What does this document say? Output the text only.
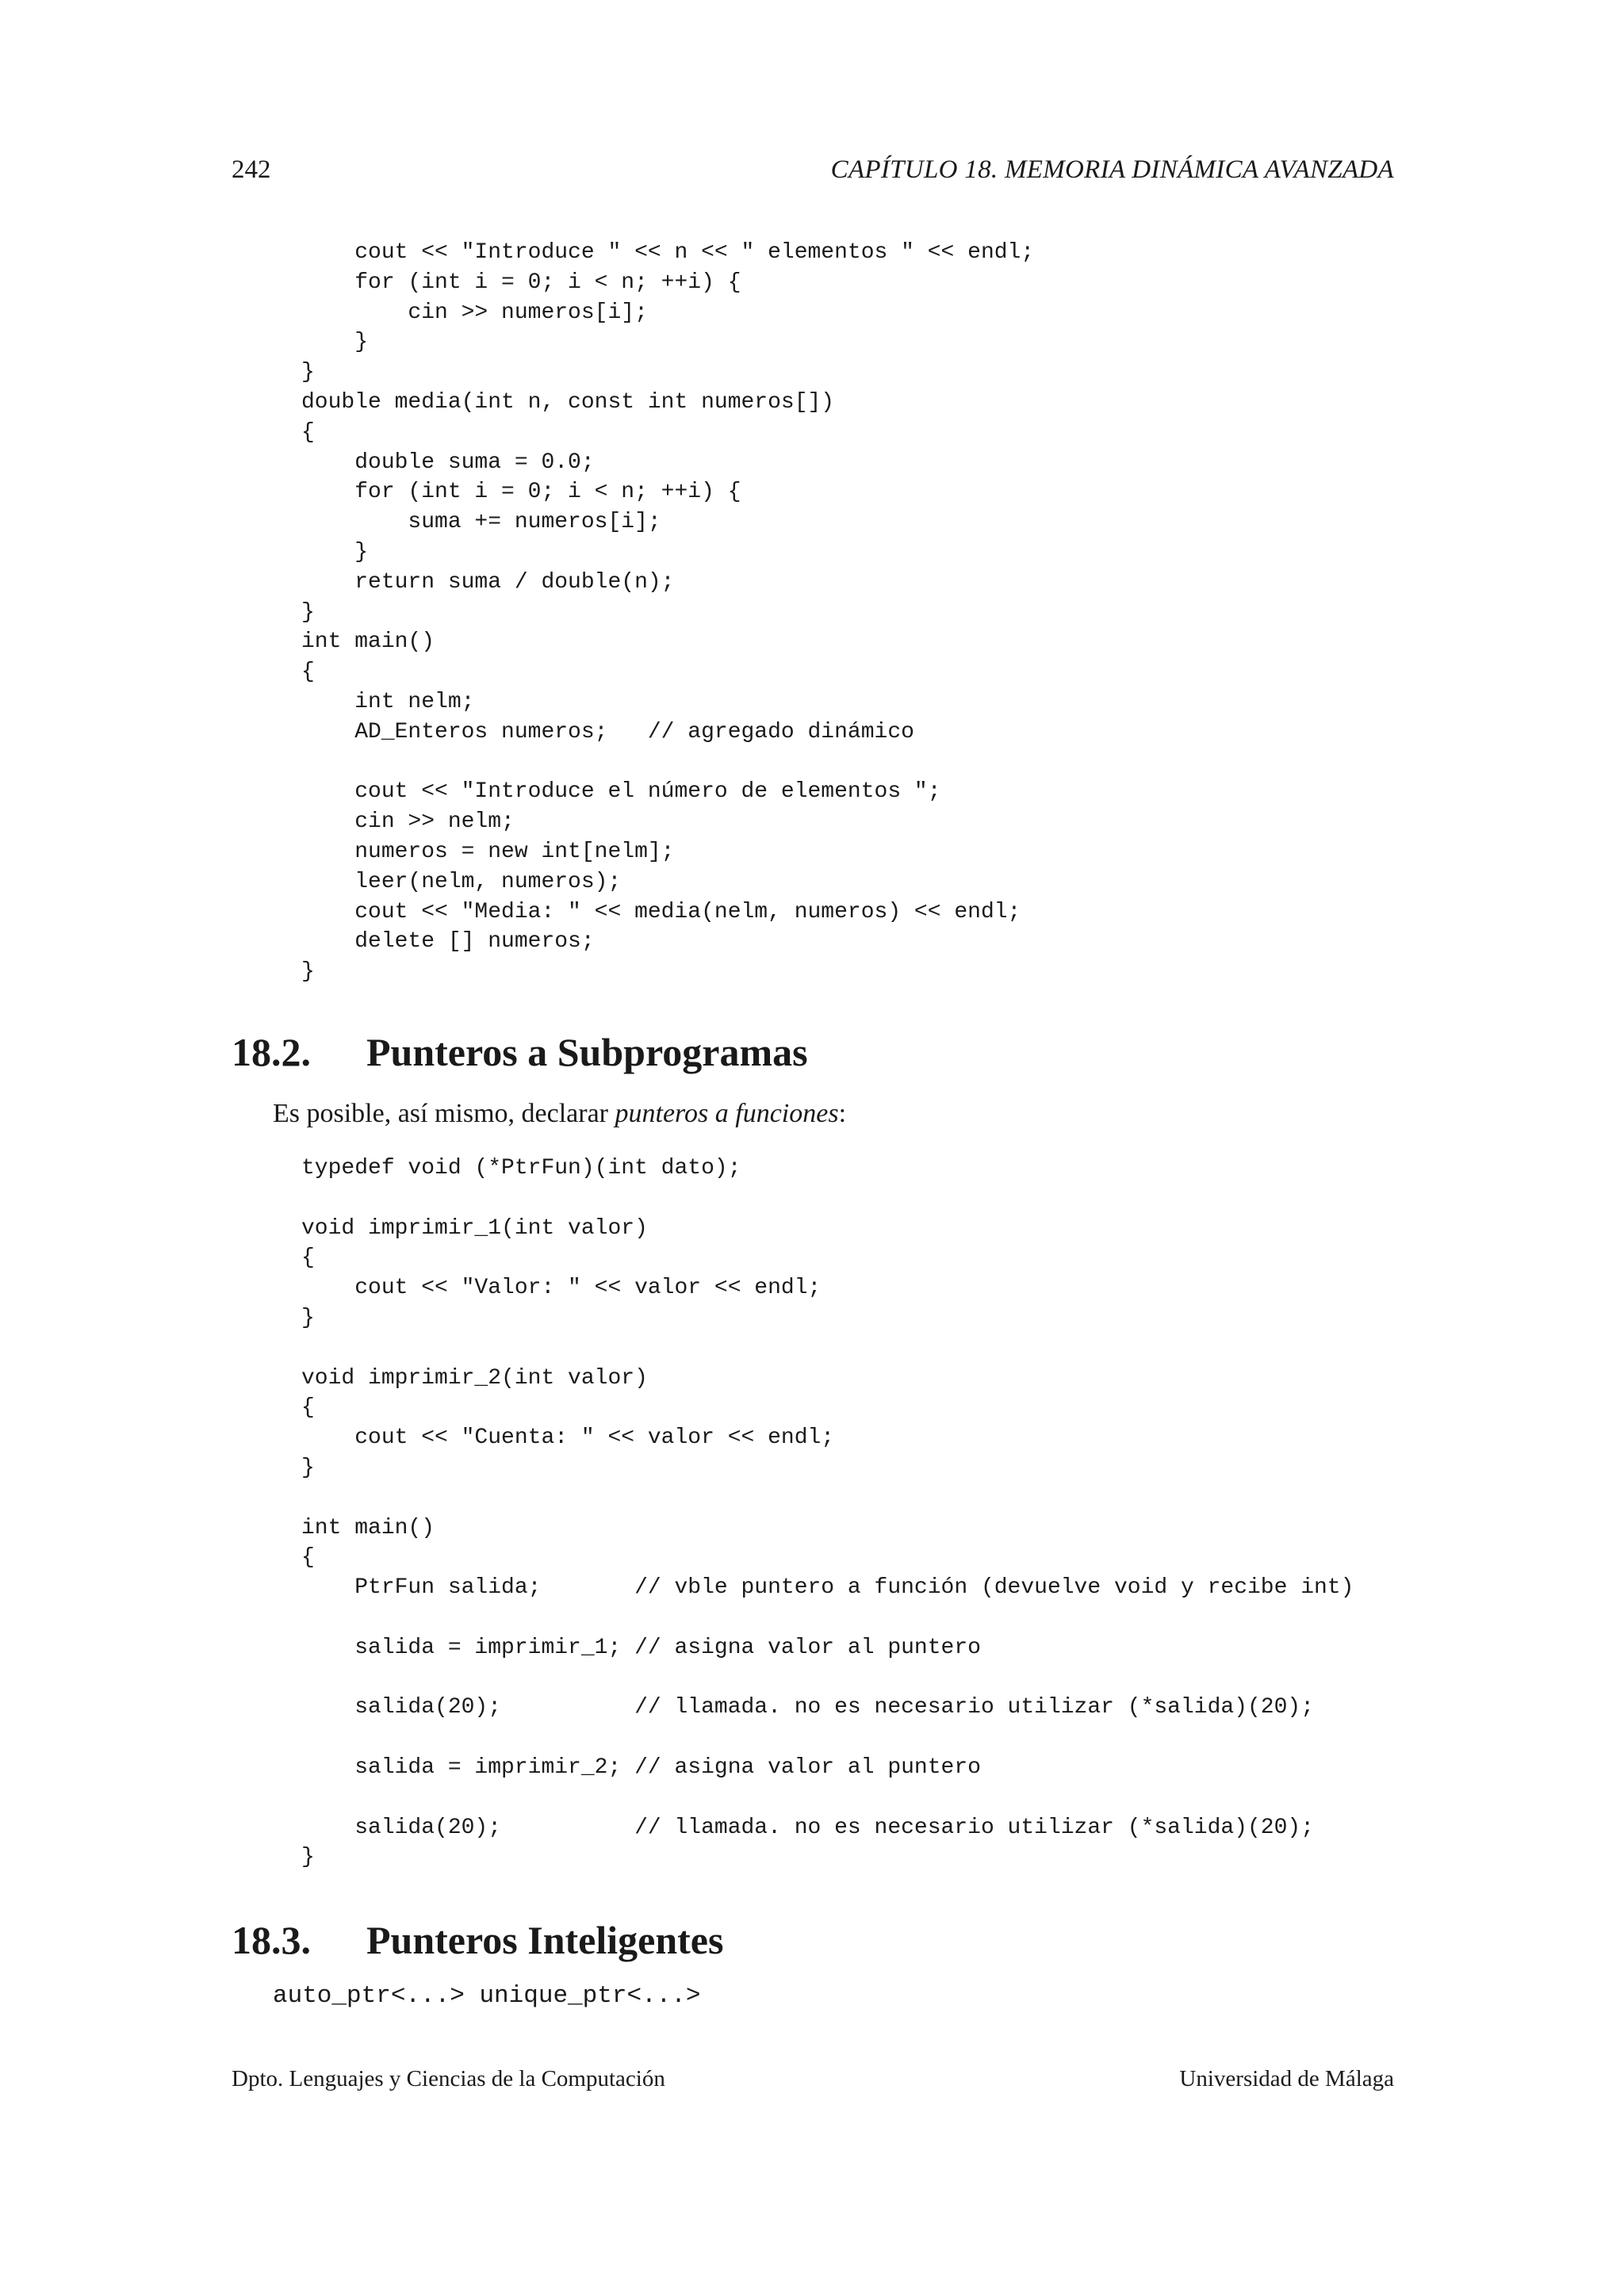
242	CAPÍTULO 18. MEMORIA DINÁMICA AVANZADA
cout << "Introduce " << n << " elementos " << endl;
for (int i = 0; i < n; ++i) {
cin >> numeros[i];
}
}
double media(int n, const int numeros[])
{
double suma = 0.0;
for (int i = 0; i < n; ++i) {
suma += numeros[i];
}
return suma / double(n);
}
int main()
{
int nelm;
AD_Enteros numeros;   // agregado dinámico
cout << "Introduce el número de elementos ";
cin >> nelm;
numeros = new int[nelm];
leer(nelm, numeros);
cout << "Media: " << media(nelm, numeros) << endl;
delete [] numeros;
}
18.2. Punteros a Subprogramas
Es posible, así mismo, declarar punteros a funciones:
typedef void (*PtrFun)(int dato);
void imprimir_1(int valor)
{
cout << "Valor: " << valor << endl;
}
void imprimir_2(int valor)
{
cout << "Cuenta: " << valor << endl;
}
int main()
{
PtrFun salida;       // vble puntero a función (devuelve void y recibe int)
salida = imprimir_1; // asigna valor al puntero
salida(20);          // llamada. no es necesario utilizar (*salida)(20);
salida = imprimir_2; // asigna valor al puntero
salida(20);          // llamada. no es necesario utilizar (*salida)(20);
}
18.3. Punteros Inteligentes
auto_ptr<...> unique_ptr<...>
Dpto. Lenguajes y Ciencias de la Computación	Universidad de Málaga
